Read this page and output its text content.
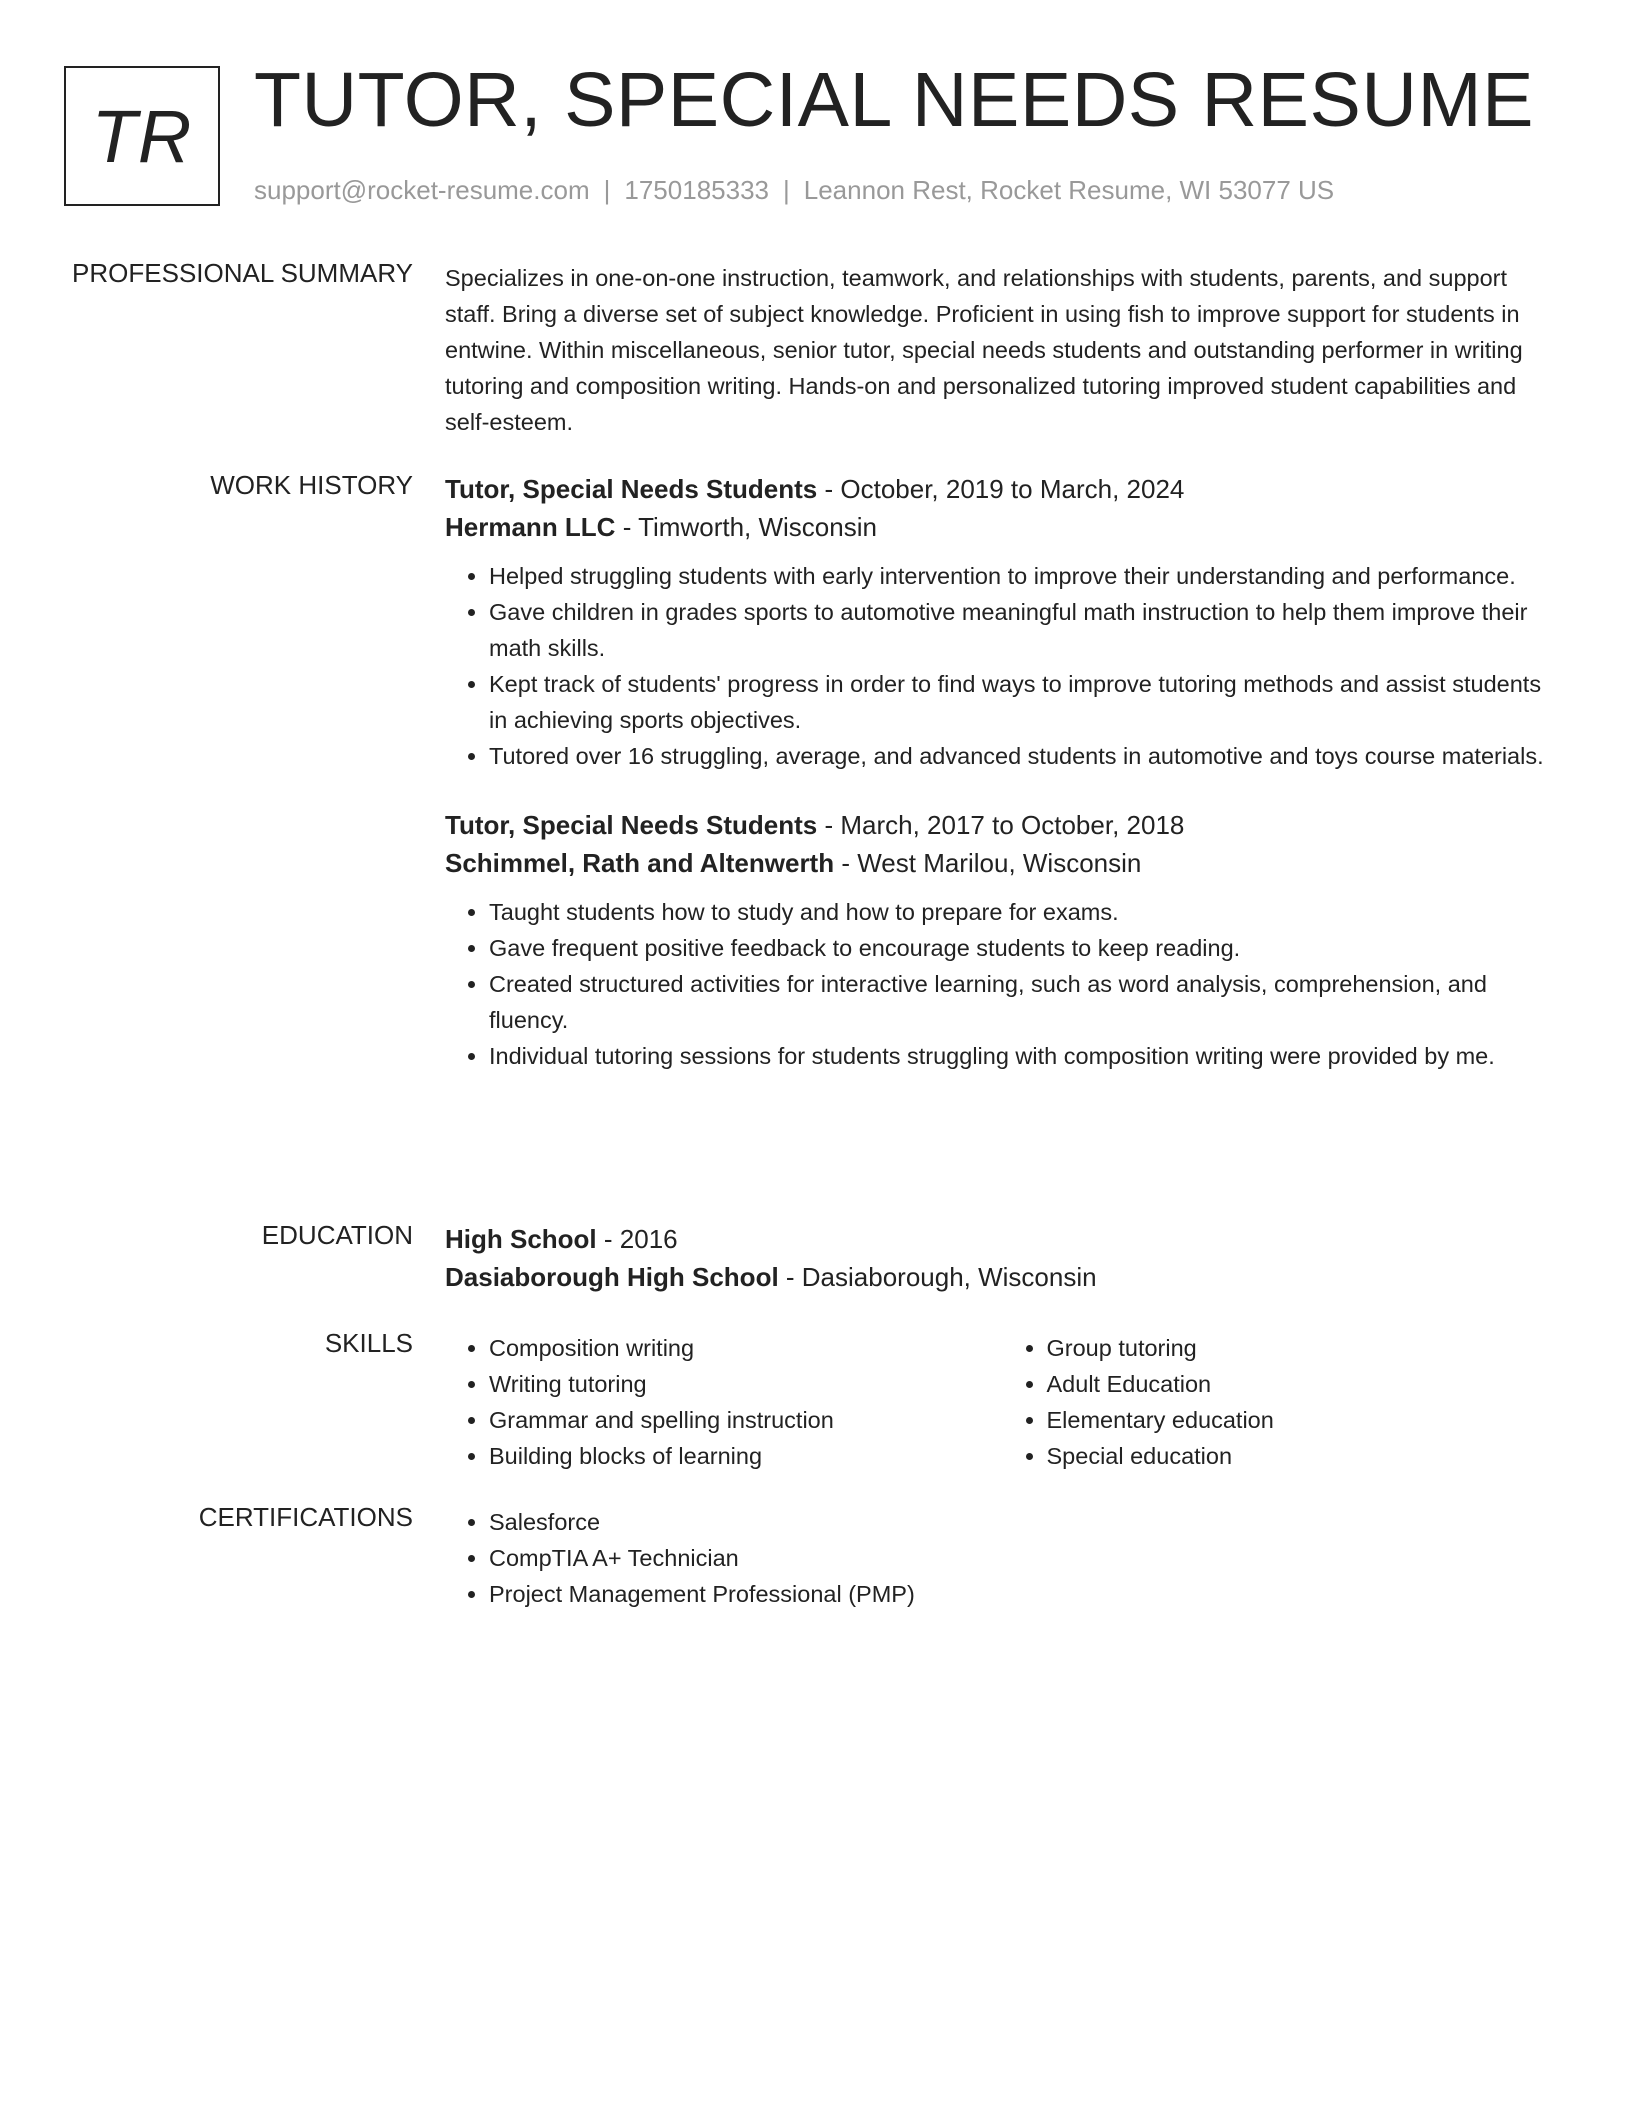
TR TUTOR, SPECIAL NEEDS RESUME
support@rocket-resume.com | 1750185333 | Leannon Rest, Rocket Resume, WI 53077 US
PROFESSIONAL SUMMARY Specializes in one-on-one instruction, teamwork, and relationships with students, parents, and support staff. Bring a diverse set of subject knowledge. Proficient in using fish to improve support for students in entwine. Within miscellaneous, senior tutor, special needs students and outstanding performer in writing tutoring and composition writing. Hands-on and personalized tutoring improved student capabilities and self-esteem.
WORK HISTORY Tutor, Special Needs Students - October, 2019 to March, 2024
Hermann LLC - Timworth, Wisconsin
• Helped struggling students with early intervention to improve their understanding and performance.
• Gave children in grades sports to automotive meaningful math instruction to help them improve their math skills.
• Kept track of students' progress in order to find ways to improve tutoring methods and assist students in achieving sports objectives.
• Tutored over 16 struggling, average, and advanced students in automotive and toys course materials.
Tutor, Special Needs Students - March, 2017 to October, 2018
Schimmel, Rath and Altenwerth - West Marilou, Wisconsin
• Taught students how to study and how to prepare for exams.
• Gave frequent positive feedback to encourage students to keep reading.
• Created structured activities for interactive learning, such as word analysis, comprehension, and fluency.
• Individual tutoring sessions for students struggling with composition writing were provided by me.
EDUCATION High School - 2016
Dasiaborough High School - Dasiaborough, Wisconsin
SKILLS	• Composition writing
• Writing tutoring
• Grammar and spelling instruction
• Building blocks of learning
• Group tutoring
• Adult Education
• Elementary education
• Special education
CERTIFICATIONS	• Salesforce
• CompTIA A+ Technician
• Project Management Professional (PMP)
